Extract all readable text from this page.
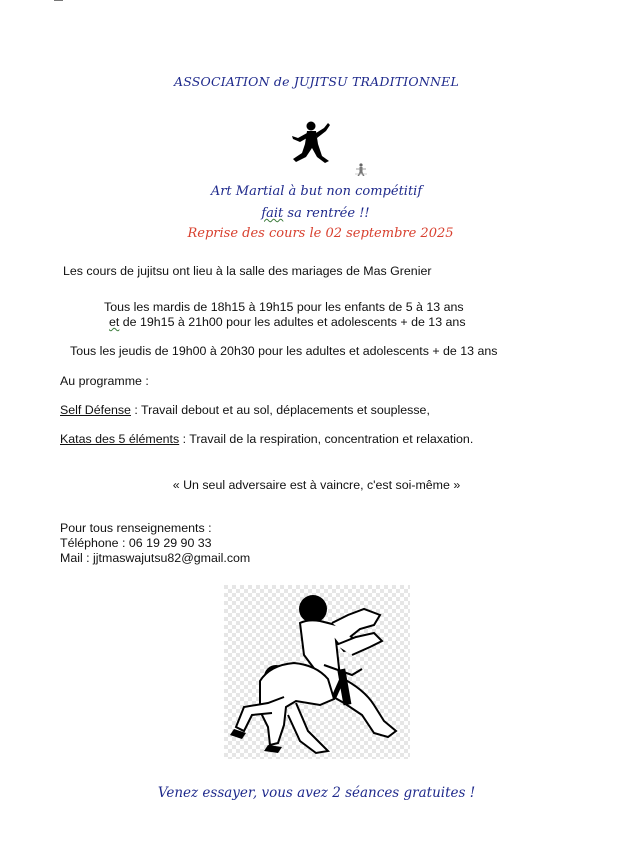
ASSOCIATION de JUJITSU TRADITIONNEL
Art Martial à but non compétitif
fait sa rentrée !!
Reprise des cours le 02 septembre 2025
Les cours de jujitsu ont lieu à la salle des mariages de Mas Grenier
Tous les mardis de 18h15 à 19h15 pour les enfants de 5 à 13 ans
et de 19h15 à 21h00 pour les adultes et adolescents + de 13 ans
Tous les jeudis de 19h00 à 20h30 pour les adultes et adolescents + de 13 ans
Au programme :
Self Défense : Travail debout et au sol, déplacements et souplesse,
Katas des 5 éléments : Travail de la respiration, concentration et relaxation.
« Un seul adversaire est à vaincre, c'est soi-même »
Pour tous renseignements :
Téléphone : 06 19 29 90 33
Mail : jjtmaswajutsu82@gmail.com
Venez essayer, vous avez 2 séances gratuites !
